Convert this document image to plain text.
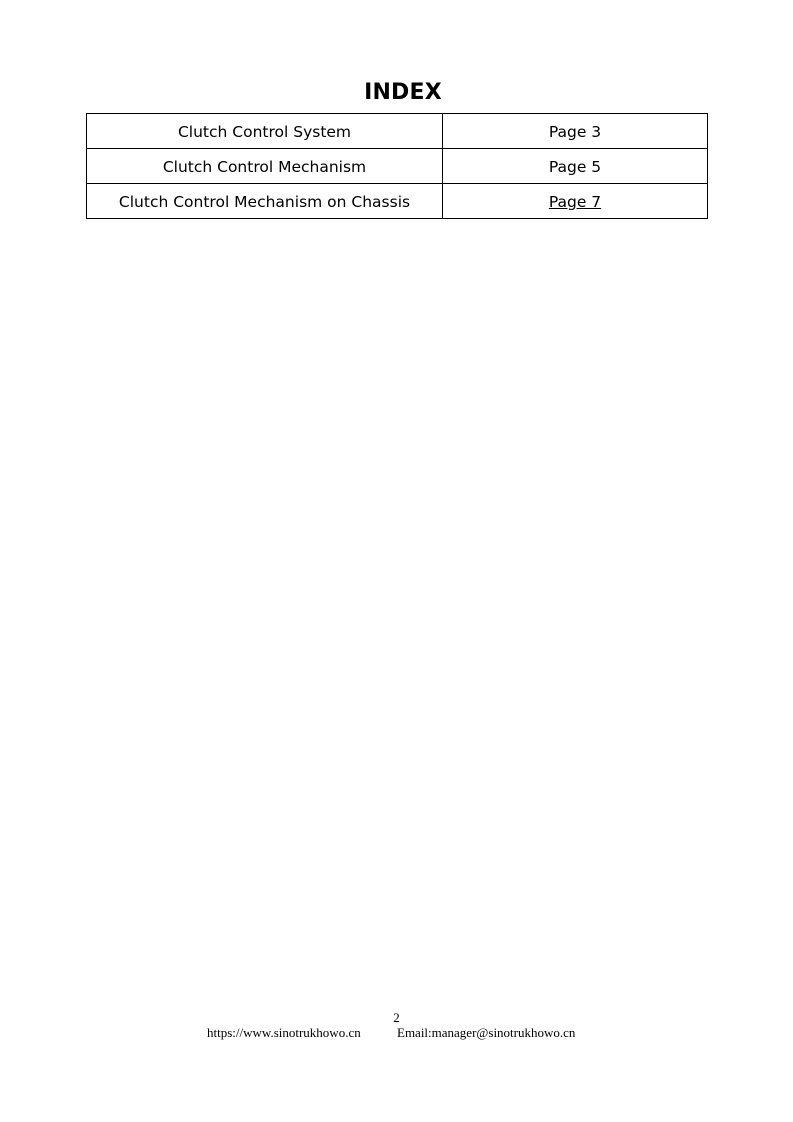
INDEX
Clutch Control System	Page 3
Clutch Control Mechanism	Page 5
Clutch Control Mechanism on Chassis	Page 7
2
https://www.sinotrukhowo.cn	Email:manager@sinotrukhowo.cn
